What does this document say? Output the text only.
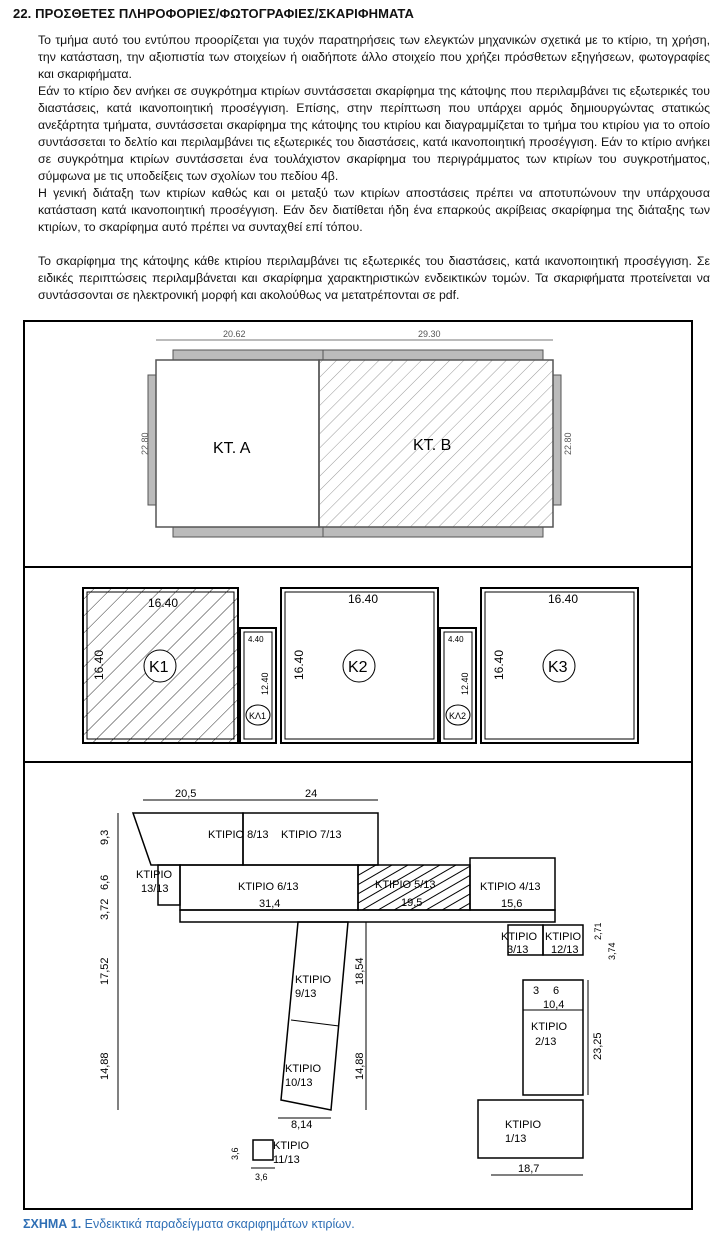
22. ΠΡΟΣΘΕΤΕΣ ΠΛΗΡΟΦΟΡΙΕΣ/ΦΩΤΟΓΡΑΦΙΕΣ/ΣΚΑΡΙΦΗΜΑΤΑ
Το τμήμα αυτό του εντύπου προορίζεται για τυχόν παρατηρήσεις των ελεγκτών μηχανικών σχετικά με το κτίριο, τη χρήση, την κατάσταση, την αξιοπιστία των στοιχείων ή οιαδήποτε άλλο στοιχείο που χρήζει πρόσθετων εξηγήσεων, φωτογραφίες και σκαριφήματα.
Εάν το κτίριο δεν ανήκει σε συγκρότημα κτιρίων συντάσσεται σκαρίφημα της κάτοψης που περιλαμβάνει τις εξωτερικές του διαστάσεις, κατά ικανοποιητική προσέγγιση. Επίσης, στην περίπτωση που υπάρχει αρμός δημιουργώντας στατικώς ανεξάρτητα τμήματα, συντάσσεται σκαρίφημα της κάτοψης του κτιρίου και διαγραμμίζεται το τμήμα του κτιρίου για το οποίο συντάσσεται το δελτίο και περιλαμβάνει τις εξωτερικές του διαστάσεις, κατά ικανοποιητική προσέγγιση. Εάν το κτίριο ανήκει σε συγκρότημα κτιρίων συντάσσεται ένα τουλάχιστον σκαρίφημα του περιγράμματος των κτιρίων του συγκροτήματος, σύμφωνα με τις υποδείξεις των σχολίων του πεδίου 4β.
Η γενική διάταξη των κτιρίων καθώς και οι μεταξύ των κτιρίων αποστάσεις πρέπει να αποτυπώνουν την υπάρχουσα κατάσταση κατά ικανοποιητική προσέγγιση. Εάν δεν διατίθεται ήδη ένα επαρκούς ακρίβειας σκαρίφημα της διάταξης των κτιρίων, το σκαρίφημα αυτό πρέπει να συνταχθεί επί τόπου.
Το σκαρίφημα της κάτοψης κάθε κτιρίου περιλαμβάνει τις εξωτερικές του διαστάσεις, κατά ικανοποιητική προσέγγιση. Σε ειδικές περιπτώσεις περιλαμβάνεται και σκαρίφημα χαρακτηριστικών ενδεικτικών τομών. Τα σκαριφήματα προτείνεται να συντάσσονται σε ηλεκτρονική μορφή και ακολούθως να μετατρέπονται σε pdf.
20.62	29.30
22.80	22.80
ΚΤ. Α	ΚΤ. Β
K1
16.40
16.40
4.40
12.40
ΚΛ1
K2
16.40
16.40
4.40
12.40
ΚΛ2
K3
16.40
16.40
20,5	24
9,3
6,6
3,72
17,52
14,88
18,54
14,88
ΚΤΙΡΙΟ 8/13 ΚΤΙΡΙΟ 7/13
ΚΤΙΡΙΟ
13/13	ΚΤΙΡΙΟ 6/13
31,4
ΚΤΙΡΙΟ 5/13
19,5
ΚΤΙΡΙΟ 4/13
15,6
ΚΤΙΡΙΟ
3/13
ΚΤΙΡΙΟ
12/13
2,71
3,74
3 6
10,4
ΚΤΙΡΙΟ
2/13	23,25
ΚΤΙΡΙΟ
9/13
ΚΤΙΡΙΟ
10/13
8,14	ΚΤΙΡΙΟ
1/13
18,7
ΚΤΙΡΙΟ
11/13
3,6
3,6
ΣΧΗΜΑ 1. Ενδεικτικά παραδείγματα σκαριφημάτων κτιρίων.
